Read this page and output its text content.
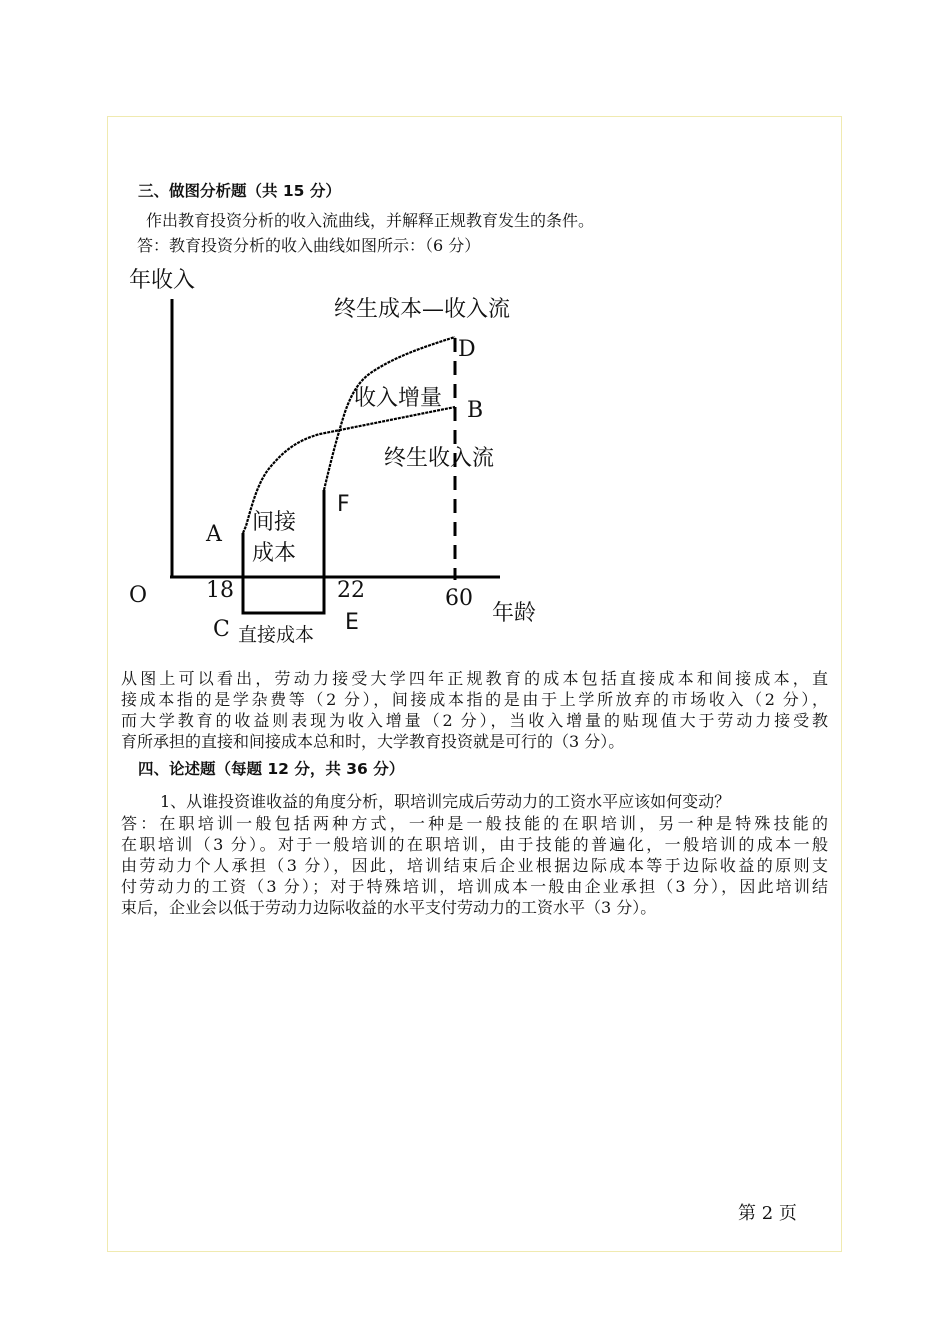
三、做图分析题（共 15 分）
作出教育投资分析的收入流曲线，并解释正规教育发生的条件。
答：教育投资分析的收入曲线如图所示：（6 分）
年收入
终生成本—收入流
D
收入增量 B
终生收入流
F
间接
成本
A
O	18	22	60
年龄
E
C 直接成本
从图上可以看出，劳动力接受大学四年正规教育的成本包括直接成本和间接成本，直
接成本指的是学杂费等（2 分），间接成本指的是由于上学所放弃的市场收入（2 分），
而大学教育的收益则表现为收入增量（2 分），当收入增量的贴现值大于劳动力接受教
育所承担的直接和间接成本总和时，大学教育投资就是可行的（3 分）。
四、论述题（每题 12 分，共 36 分）
1、从谁投资谁收益的角度分析，职培训完成后劳动力的工资水平应该如何变动？
答：在职培训一般包括两种方式，一种是一般技能的在职培训，另一种是特殊技能的
在职培训（3 分）。对于一般培训的在职培训，由于技能的普遍化，一般培训的成本一般
由劳动力个人承担（3 分），因此，培训结束后企业根据边际成本等于边际收益的原则支
付劳动力的工资（3 分）；对于特殊培训，培训成本一般由企业承担（3 分），因此培训结
束后，企业会以低于劳动力边际收益的水平支付劳动力的工资水平（3 分）。
第 2 页
